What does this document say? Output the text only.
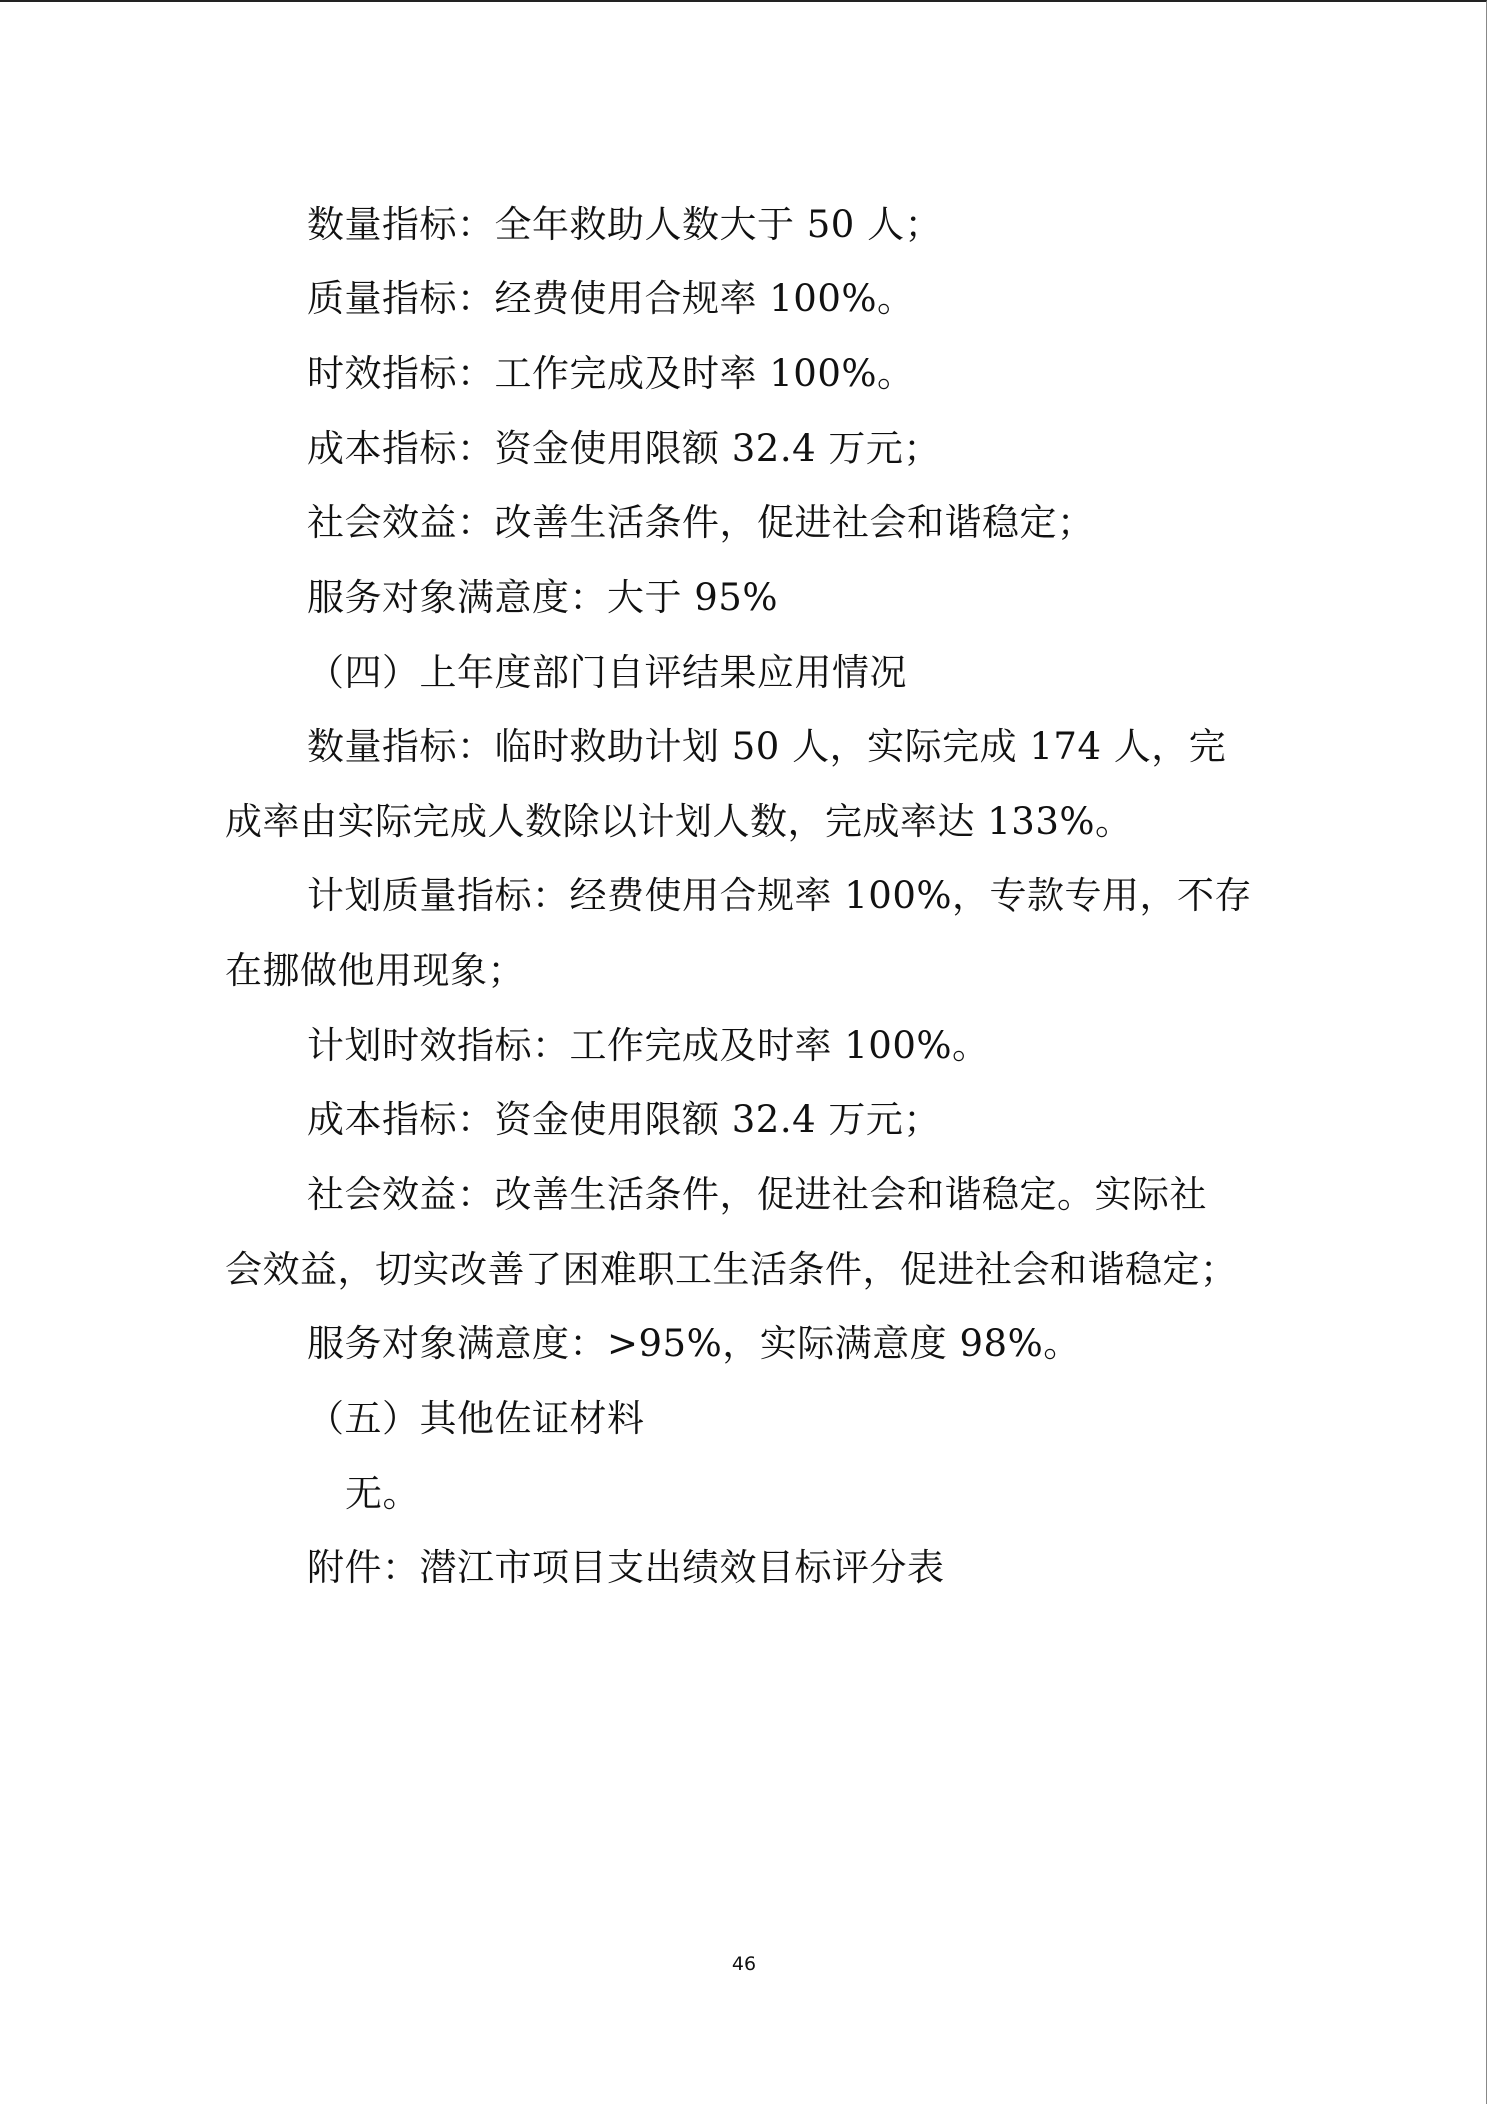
数量指标：全年救助人数大于 50 人；
质量指标：经费使用合规率 100%。
时效指标：工作完成及时率 100%。
成本指标：资金使用限额 32.4 万元；
社会效益：改善生活条件，促进社会和谐稳定；
服务对象满意度：大于 95%
（四）上年度部门自评结果应用情况
数量指标：临时救助计划 50 人，实际完成 174 人，完
成率由实际完成人数除以计划人数，完成率达 133%。
计划质量指标：经费使用合规率 100%，专款专用，不存
在挪做他用现象；
计划时效指标：工作完成及时率 100%。
成本指标：资金使用限额 32.4 万元；
社会效益：改善生活条件，促进社会和谐稳定。实际社
会效益，切实改善了困难职工生活条件，促进社会和谐稳定；
服务对象满意度：>95%，实际满意度 98%。
（五）其他佐证材料
无。
附件：潜江市项目支出绩效目标评分表
46
